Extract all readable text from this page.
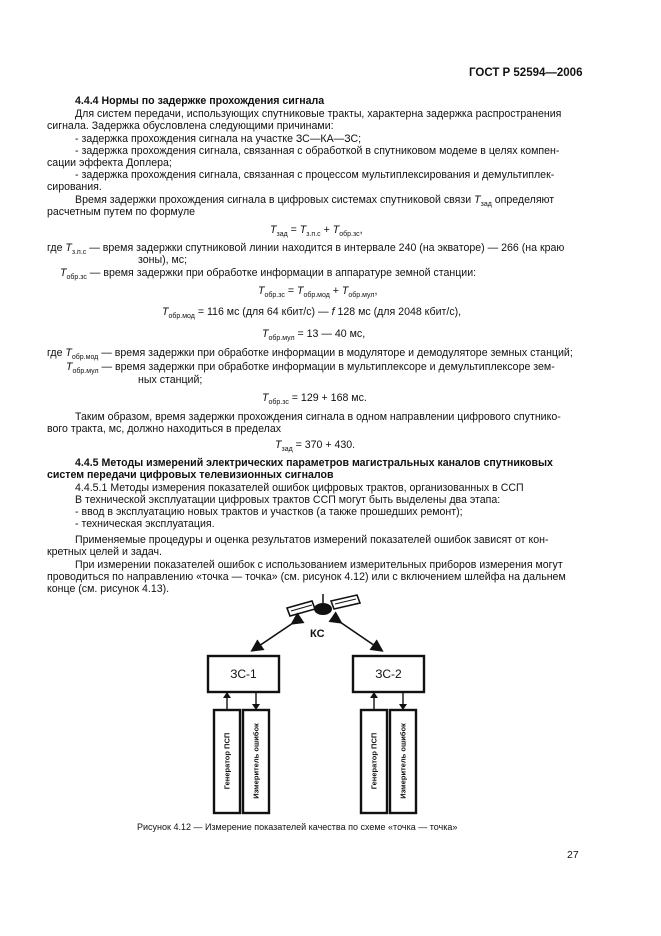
ГОСТ Р 52594—2006
4.4.4 Нормы по задержке прохождения сигнала
Для систем передачи, использующих спутниковые тракты, характерна задержка распространения
сигнала. Задержка обусловлена следующими причинами:
- задержка прохождения сигнала на участке ЗС—КА—ЗС;
- задержка прохождения сигнала, связанная с обработкой в спутниковом модеме в целях компен-
сации эффекта Доплера;
- задержка прохождения сигнала, связанная с процессом мультиплексирования и демультиплек-
сирования.
Время задержки прохождения сигнала в цифровых системах спутниковой связи $T_{зад}$ определяют
расчетным путем по формуле
$T_{зад} = T_{з.п.с} + T_{обр.зс}$,
где $T_{з.п.с}$ — время задержки спутниковой линии находится в интервале 240 (на экваторе) — 266 (на краю
зоны), мс;
$T_{обр.зс}$ — время задержки при обработке информации в аппаратуре земной станции:
$T_{обр.зс} = T_{обр.мод} + T_{обр.мул}$,
$T_{обр.мод} = 116$ мс (для 64 кбит/с) — f 128 мс (для 2048 кбит/с),
$T_{обр.мул} = 13$ — 40 мс,
где $T_{обр.мод}$ — время задержки при обработке информации в модуляторе и демодуляторе земных станций;
$T_{обр.мул}$ — время задержки при обработке информации в мультиплексоре и демультиплексоре зем-
ных станций;
$T_{обр.зс} = 129 + 168$ мс.
Таким образом, время задержки прохождения сигнала в одном направлении цифрового спутнико-
вого тракта, мс, должно находиться в пределах
$T_{зад} = 370 + 430$.
4.4.5 Методы измерений электрических параметров магистральных каналов спутниковых
систем передачи цифровых телевизионных сигналов
4.4.5.1 Методы измерения показателей ошибок цифровых трактов, организованных в ССП
В технической эксплуатации цифровых трактов ССП могут быть выделены два этапа:
- ввод в эксплуатацию новых трактов и участков (а также прошедших ремонт);
- техническая эксплуатация.
Применяемые процедуры и оценка результатов измерений показателей ошибок зависят от кон-
кретных целей и задач.
При измерении показателей ошибок с использованием измерительных приборов измерения могут
проводиться по направлению «точка — точка» (см. рисунок 4.12) или с включением шлейфа на дальнем
конце (см. рисунок 4.13).
КС
ЗС-1	ЗС-2
Генератор ПСП	Измеритель ошибок	Генератор ПСП	Измеритель ошибок
Рисунок 4.12 — Измерение показателей качества по схеме «точка — точка»
27
